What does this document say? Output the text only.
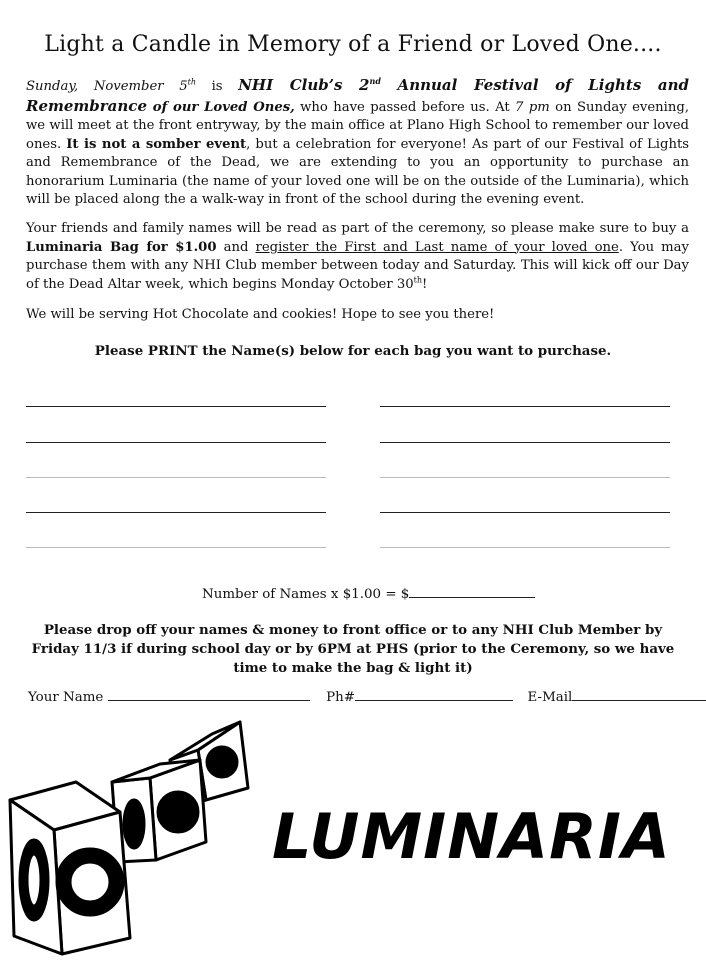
Light a Candle in Memory of a Friend or Loved One....
Sunday, November 5th is NHI Club’s 2nd Annual Festival of Lights and Remembrance of our Loved Ones, who have passed before us. At 7 pm on Sunday evening, we will meet at the front entryway, by the main office at Plano High School to remember our loved ones. It is not a somber event, but a celebration for everyone! As part of our Festival of Lights and Remembrance of the Dead, we are extending to you an opportunity to purchase an honorarium Luminaria (the name of your loved one will be on the outside of the Luminaria), which will be placed along the a walk-way in front of the school during the evening event.
Your friends and family names will be read as part of the ceremony, so please make sure to buy a Luminaria Bag for $1.00 and register the First and Last name of your loved one. You may purchase them with any NHI Club member between today and Saturday. This will kick off our Day of the Dead Altar week, which begins Monday October 30th!
We will be serving Hot Chocolate and cookies! Hope to see you there!
Please PRINT the Name(s) below for each bag you want to purchase.
Number of Names x $1.00 = $
Please drop off your names & money to front office or to any NHI Club Member by Friday 11/3 if during school day or by 6PM at PHS (prior to the Ceremony, so we have time to make the bag & light it)
Your Name	Ph#	E-Mail
LUMINARIA
